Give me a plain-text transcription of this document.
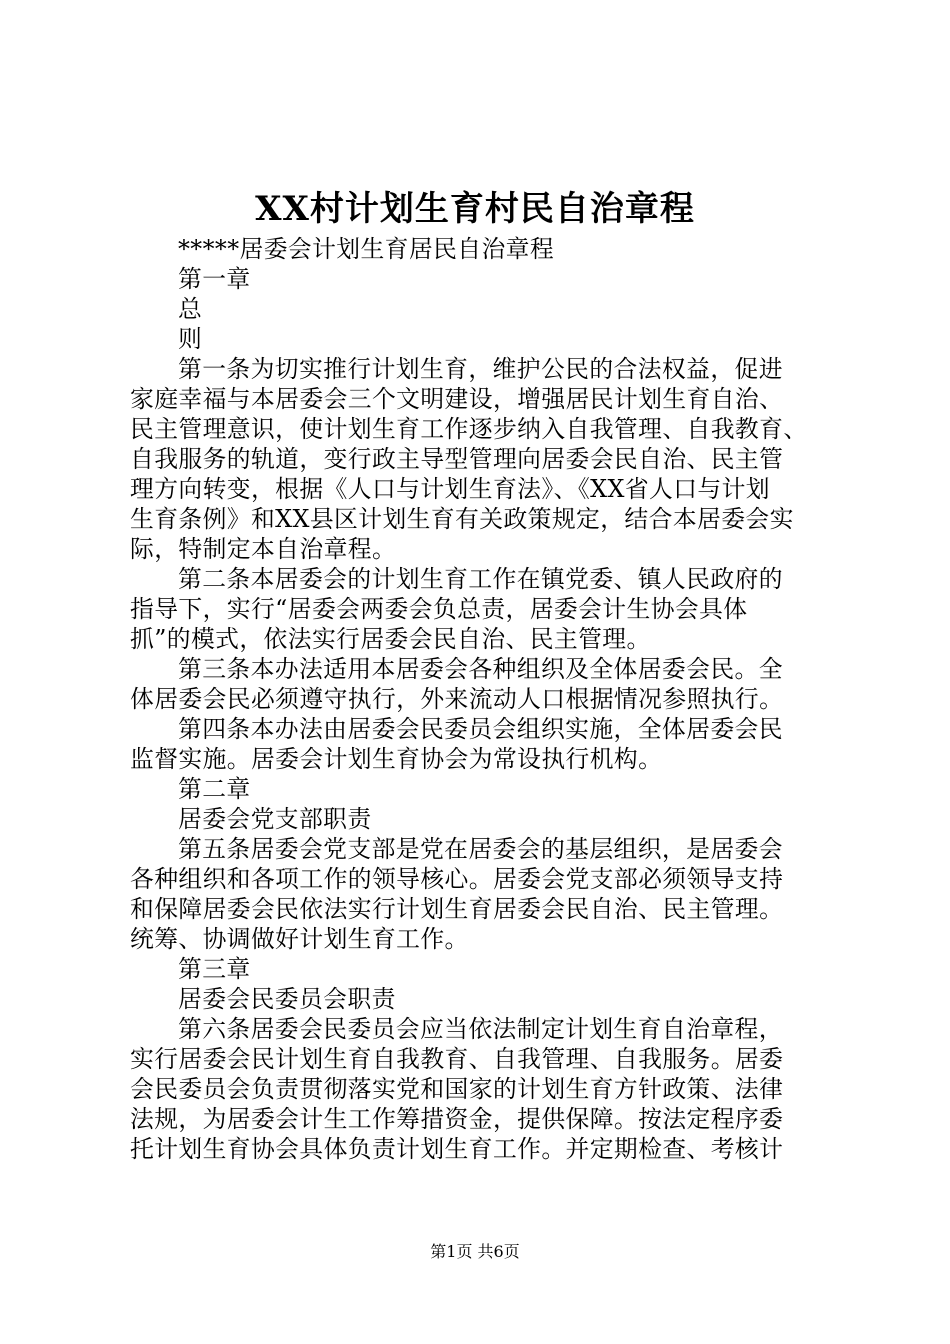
XX村计划生育村民自治章程
*****居委会计划生育居民自治章程
第一章
总
则
第一条为切实推行计划生育，维护公民的合法权益，促进
家庭幸福与本居委会三个文明建设，增强居民计划生育自治、
民主管理意识，使计划生育工作逐步纳入自我管理、自我教育、
自我服务的轨道，变行政主导型管理向居委会民自治、民主管
理方向转变，根据《人口与计划生育法》、《XX省人口与计划
生育条例》和XX县区计划生育有关政策规定，结合本居委会实
际，特制定本自治章程。
第二条本居委会的计划生育工作在镇党委、镇人民政府的
指导下，实行“居委会两委会负总责，居委会计生协会具体
抓”的模式，依法实行居委会民自治、民主管理。
第三条本办法适用本居委会各种组织及全体居委会民。全
体居委会民必须遵守执行，外来流动人口根据情况参照执行。
第四条本办法由居委会民委员会组织实施，全体居委会民
监督实施。居委会计划生育协会为常设执行机构。
第二章
居委会党支部职责
第五条居委会党支部是党在居委会的基层组织，是居委会
各种组织和各项工作的领导核心。居委会党支部必须领导支持
和保障居委会民依法实行计划生育居委会民自治、民主管理。
统筹、协调做好计划生育工作。
第三章
居委会民委员会职责
第六条居委会民委员会应当依法制定计划生育自治章程，
实行居委会民计划生育自我教育、自我管理、自我服务。居委
会民委员会负责贯彻落实党和国家的计划生育方针政策、法律
法规，为居委会计生工作筹措资金，提供保障。按法定程序委
托计划生育协会具体负责计划生育工作。并定期检查、考核计
第1页 共6页
